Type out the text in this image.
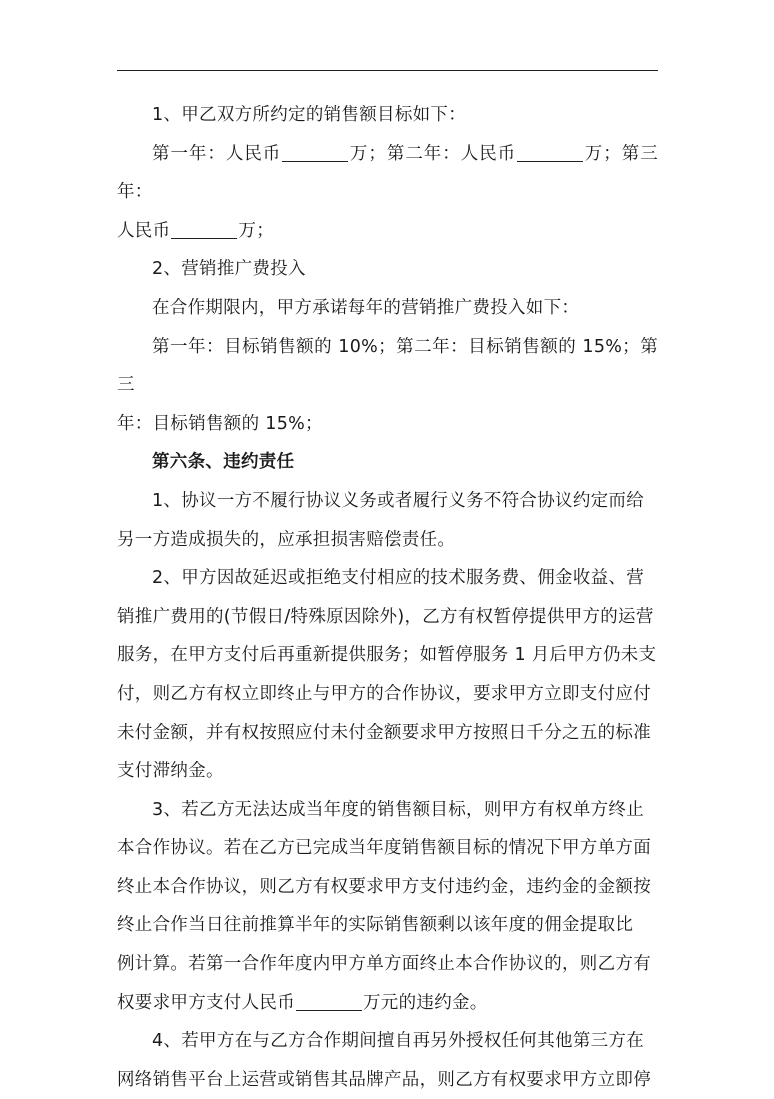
1、甲乙双方所约定的销售额目标如下：

第一年：人民币	万；第二年：人民币	万；第三年：

人民币	万；

2、营销推广费投入

在合作期限内，甲方承诺每年的营销推广费投入如下：

第一年：目标销售额的 10%；第二年：目标销售额的 15%；第三

年：目标销售额的 15%；

第六条、违约责任

1、协议一方不履行协议义务或者履行义务不符合协议约定而给

另一方造成损失的，应承担损害赔偿责任。

2、甲方因故延迟或拒绝支付相应的技术服务费、佣金收益、营

销推广费用的(节假日/特殊原因除外)，乙方有权暂停提供甲方的运营

服务，在甲方支付后再重新提供服务；如暂停服务 1 月后甲方仍未支

付，则乙方有权立即终止与甲方的合作协议，要求甲方立即支付应付

未付金额，并有权按照应付未付金额要求甲方按照日千分之五的标准

支付滞纳金。

3、若乙方无法达成当年度的销售额目标，则甲方有权单方终止

本合作协议。若在乙方已完成当年度销售额目标的情况下甲方单方面

终止本合作协议，则乙方有权要求甲方支付违约金，违约金的金额按

终止合作当日往前推算半年的实际销售额剩以该年度的佣金提取比

例计算。若第一合作年度内甲方单方面终止本合作协议的，则乙方有

权要求甲方支付人民币	万元的违约金。

4、若甲方在与乙方合作期间擅自再另外授权任何其他第三方在

网络销售平台上运营或销售其品牌产品，则乙方有权要求甲方立即停
